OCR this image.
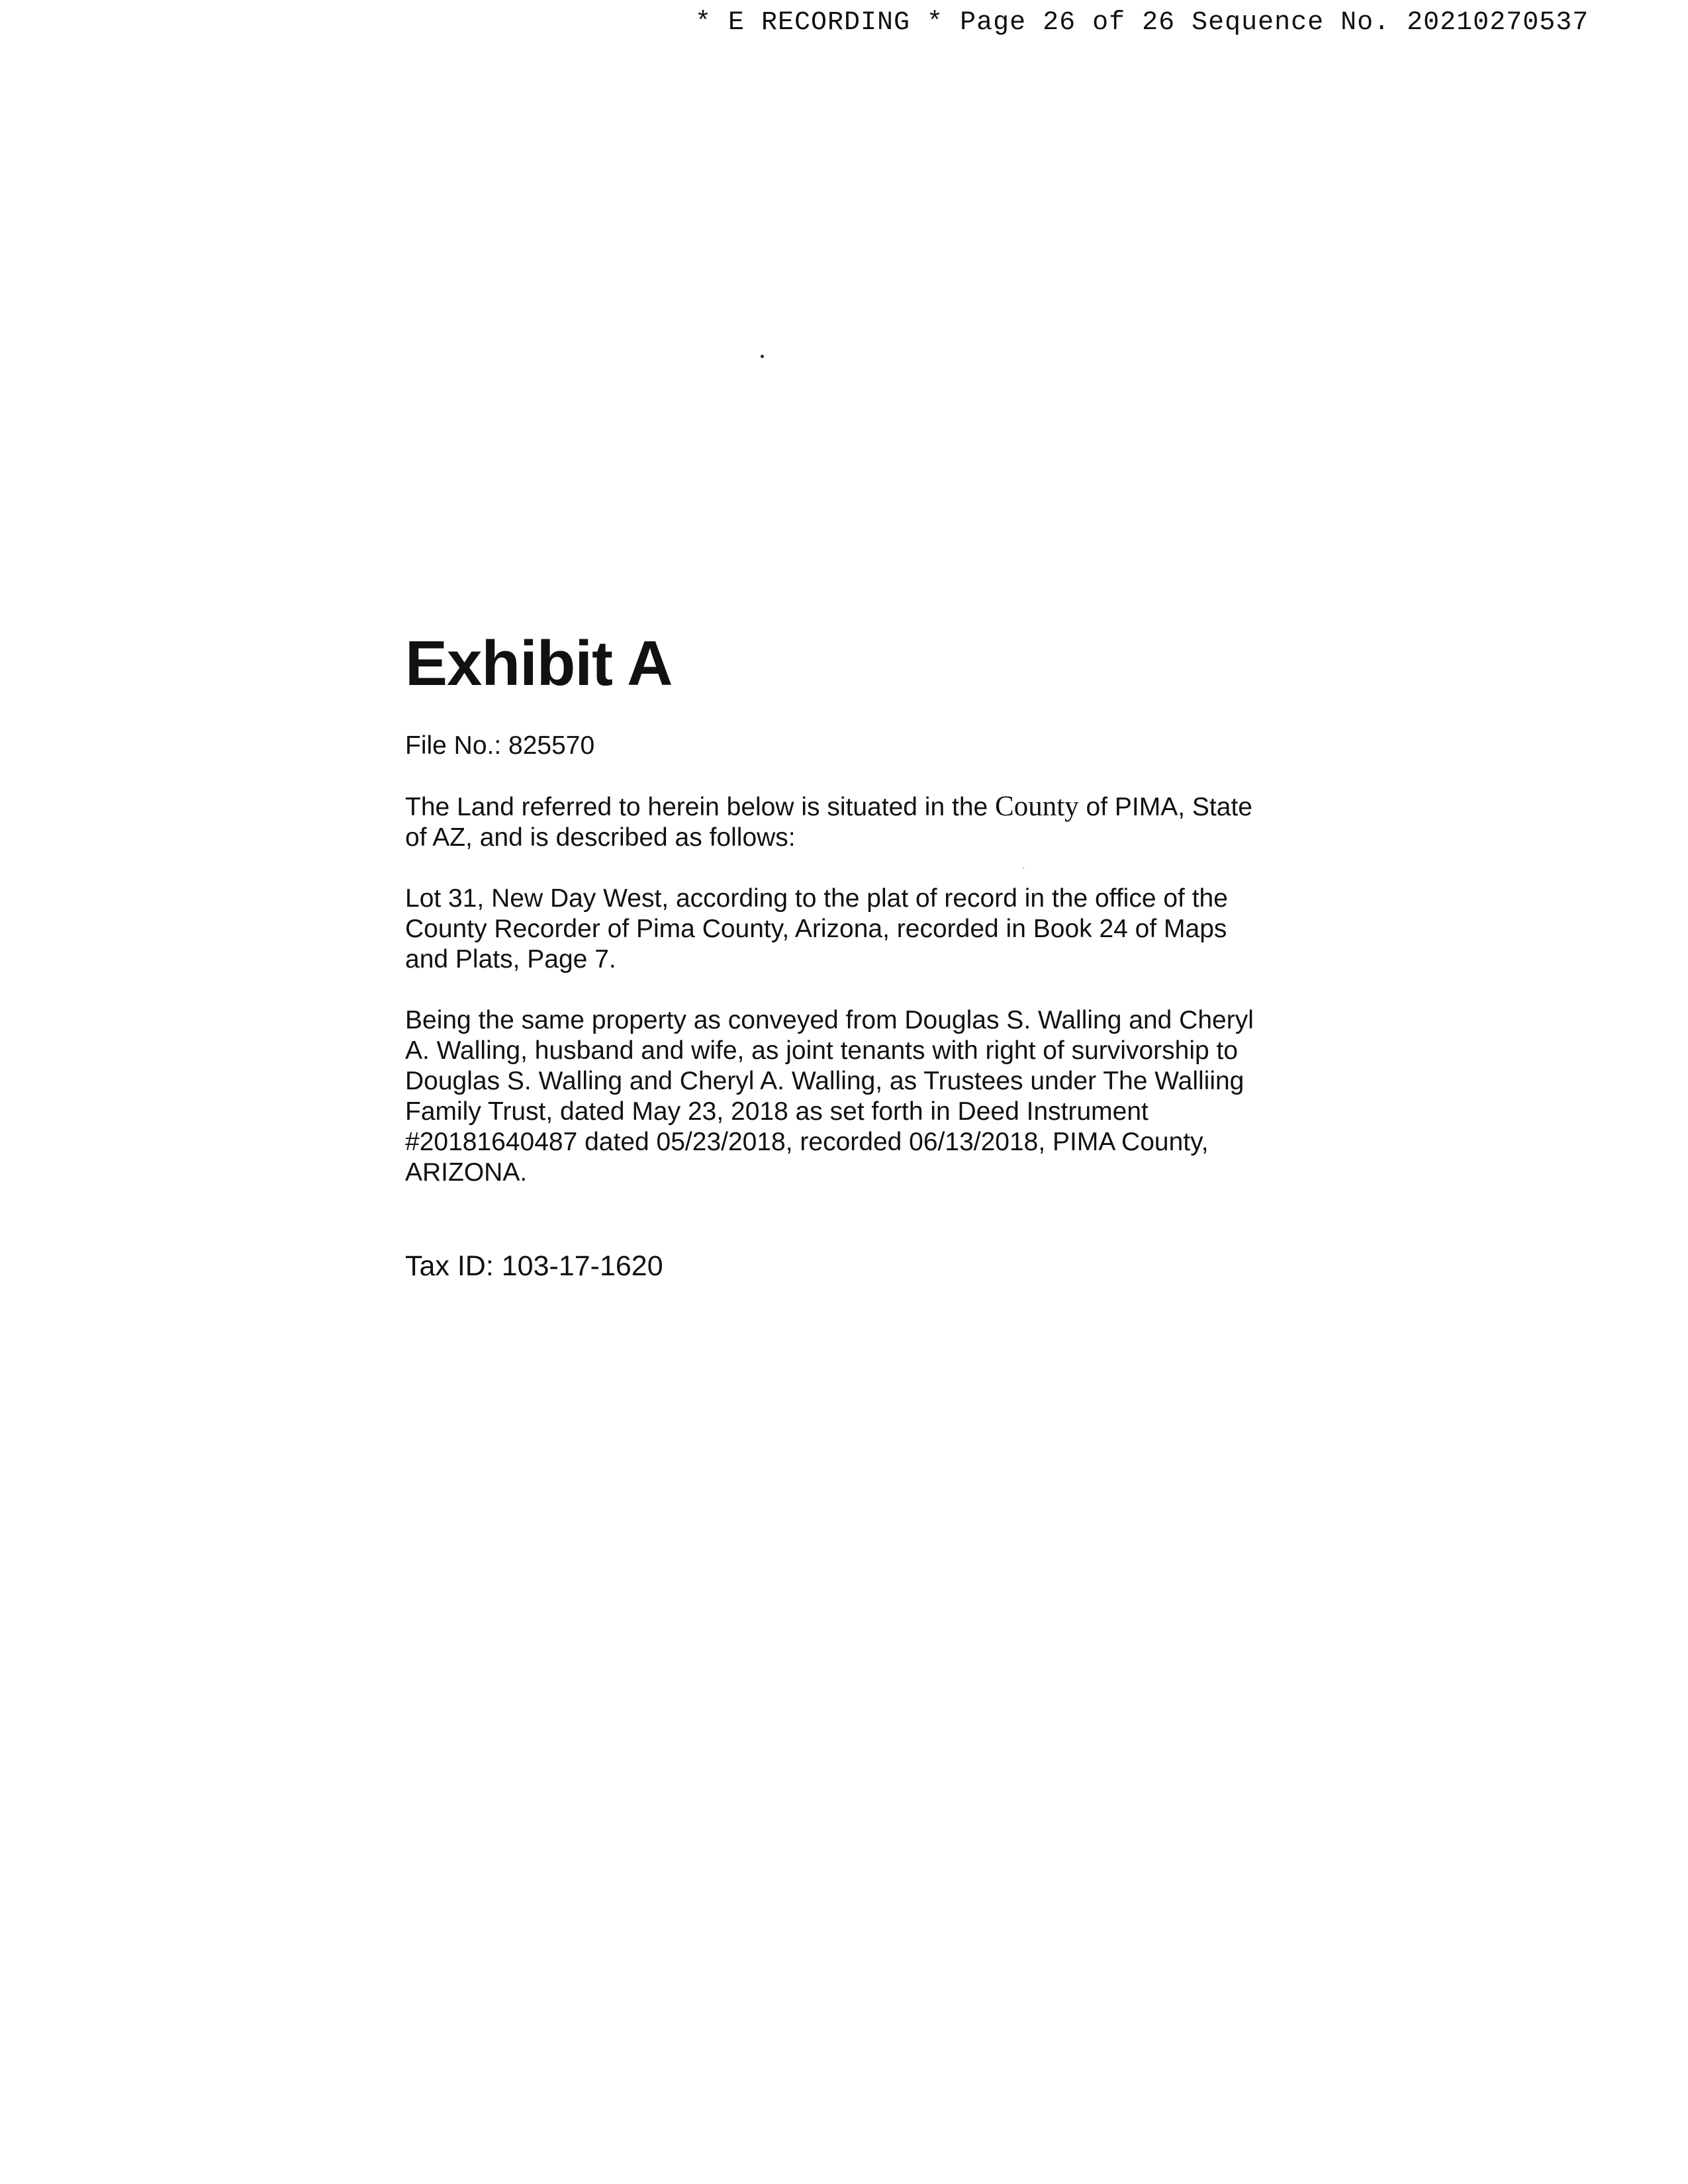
* E RECORDING * Page 26 of 26 Sequence No. 20210270537
Exhibit A

File No.: 825570

The Land referred to herein below is situated in the County of PIMA, State of AZ, and is described as follows:

Lot 31, New Day West, according to the plat of record in the office of the County Recorder of Pima County, Arizona, recorded in Book 24 of Maps and Plats, Page 7.

Being the same property as conveyed from Douglas S. Walling and Cheryl A. Walling, husband and wife, as joint tenants with right of survivorship to Douglas S. Walling and Cheryl A. Walling, as Trustees under The Walliing Family Trust, dated May 23, 2018 as set forth in Deed Instrument #20181640487 dated 05/23/2018, recorded 06/13/2018, PIMA County, ARIZONA.

Tax ID: 103-17-1620
